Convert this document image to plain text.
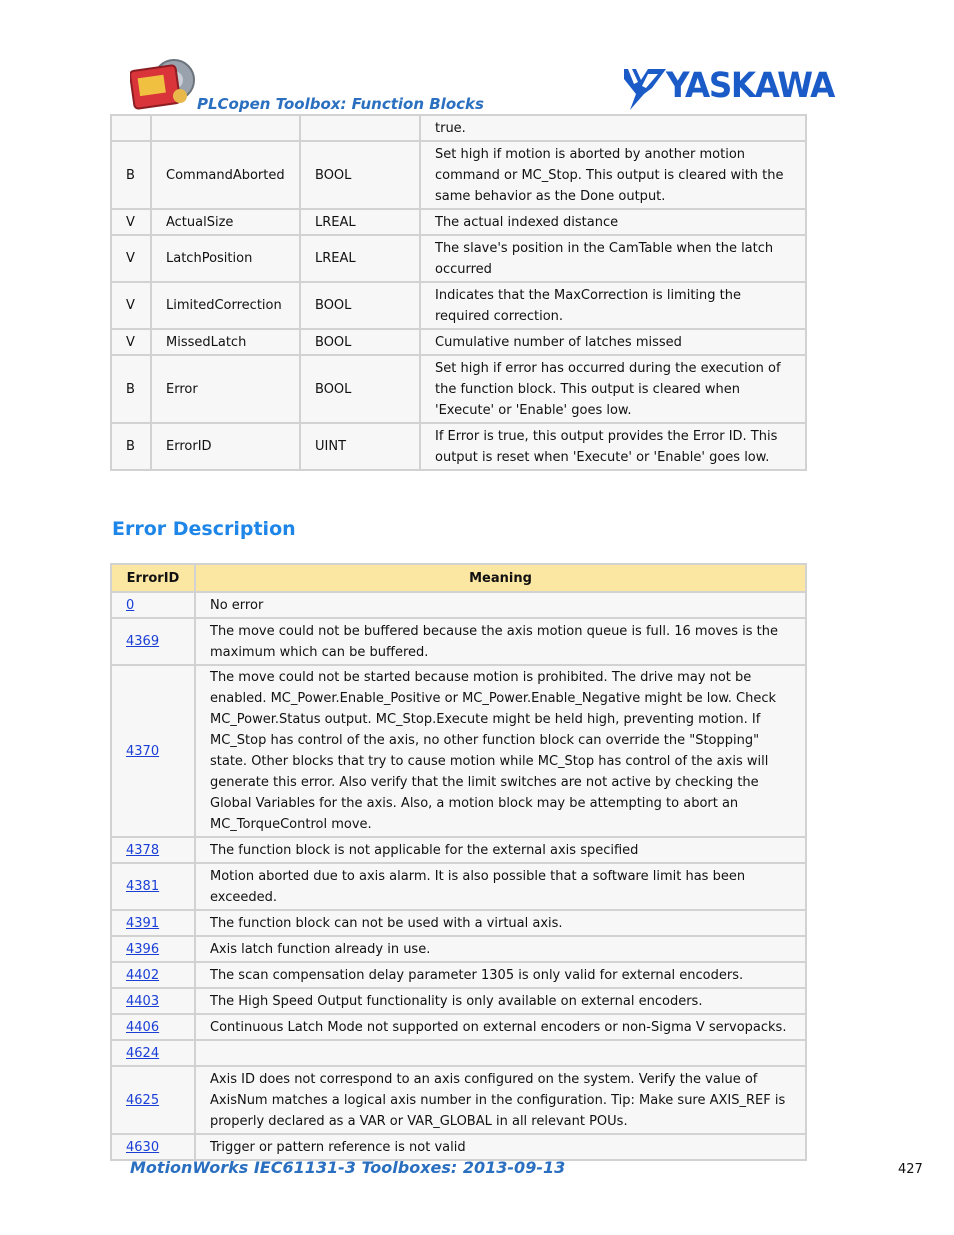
PLCopen Toolbox: Function Blocks	YASKAWA
			true.
B	CommandAborted	BOOL	Set high if motion is aborted by another motion command or MC_Stop. This output is cleared with the same behavior as the Done output.
V	ActualSize	LREAL	The actual indexed distance
V	LatchPosition	LREAL	The slave's position in the CamTable when the latch occurred
V	LimitedCorrection	BOOL	Indicates that the MaxCorrection is limiting the required correction.
V	MissedLatch	BOOL	Cumulative number of latches missed
B	Error	BOOL	Set high if error has occurred during the execution of the function block. This output is cleared when 'Execute' or 'Enable' goes low.
B	ErrorID	UINT	If Error is true, this output provides the Error ID. This output is reset when 'Execute' or 'Enable' goes low.
Error Description
ErrorID	Meaning
0	No error
4369	The move could not be buffered because the axis motion queue is full. 16 moves is the maximum which can be buffered.
4370	The move could not be started because motion is prohibited. The drive may not be enabled. MC_Power.Enable_Positive or MC_Power.Enable_Negative might be low. Check MC_Power.Status output. MC_Stop.Execute might be held high, preventing motion. If MC_Stop has control of the axis, no other function block can override the "Stopping" state. Other blocks that try to cause motion while MC_Stop has control of the axis will generate this error. Also verify that the limit switches are not active by checking the Global Variables for the axis. Also, a motion block may be attempting to abort an MC_TorqueControl move.
4378	The function block is not applicable for the external axis specified
4381	Motion aborted due to axis alarm. It is also possible that a software limit has been exceeded.
4391	The function block can not be used with a virtual axis.
4396	Axis latch function already in use.
4402	The scan compensation delay parameter 1305 is only valid for external encoders.
4403	The High Speed Output functionality is only available on external encoders.
4406	Continuous Latch Mode not supported on external encoders or non-Sigma V servopacks.
4624	
4625	Axis ID does not correspond to an axis configured on the system. Verify the value of AxisNum matches a logical axis number in the configuration. Tip: Make sure AXIS_REF is properly declared as a VAR or VAR_GLOBAL in all relevant POUs.
4630	Trigger or pattern reference is not valid
MotionWorks IEC61131-3 Toolboxes: 2013-09-13	427
